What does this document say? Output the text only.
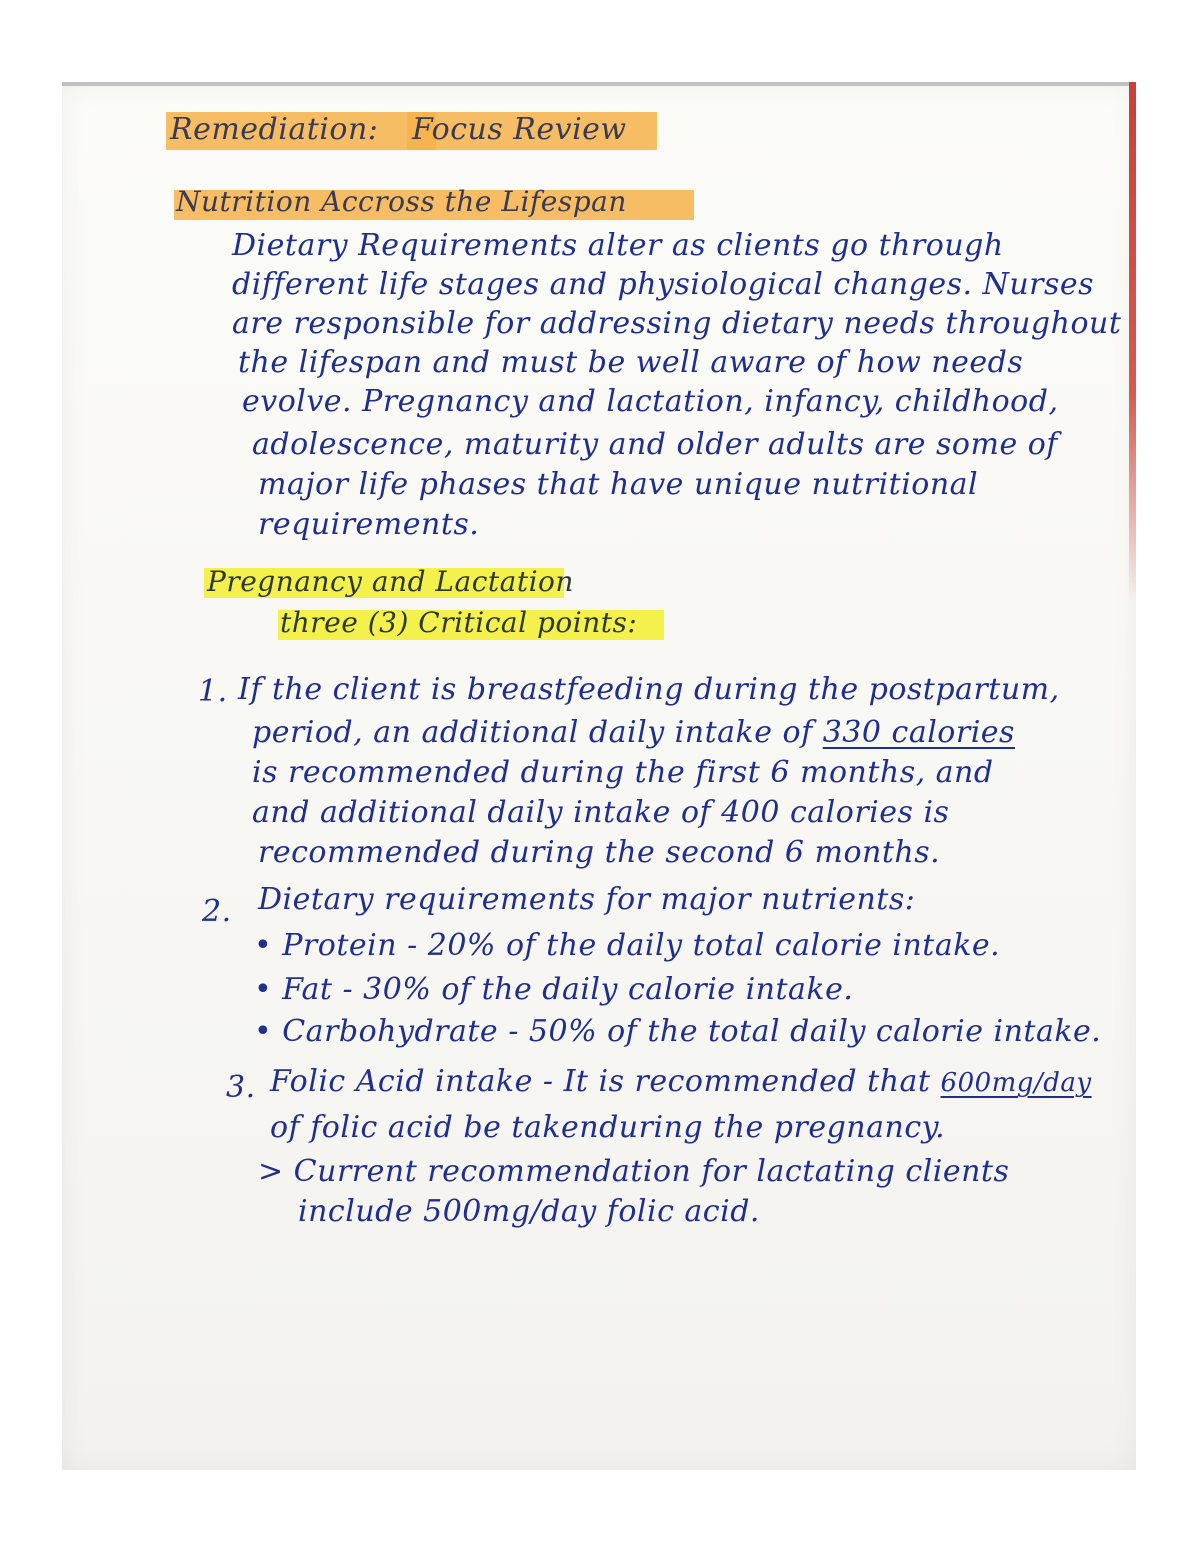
Remediation: Focus Review
Nutrition Accross the Lifespan
Dietary Requirements alter as clients go through
different life stages and physiological changes. Nurses
are responsible for addressing dietary needs throughout
the lifespan and must be well aware of how needs
evolve. Pregnancy and lactation, infancy, childhood,
adolescence, maturity and older adults are some of
major life phases that have unique nutritional
requirements.
Pregnancy and Lactation
three (3) Critical points:
1. If the client is breastfeeding during the postpartum,
period, an additional daily intake of 330 calories
is recommended during the first 6 months, and
and additional daily intake of 400 calories is
recommended during the second 6 months.
2. Dietary requirements for major nutrients:
• Protein - 20% of the daily total calorie intake.
• Fat - 30% of the daily calorie intake.
• Carbohydrate - 50% of the total daily calorie intake.
3. Folic Acid intake - It is recommended that 600mg/day
of folic acid be takenduring the pregnancy.
> Current recommendation for lactating clients
include 500mg/day folic acid.
